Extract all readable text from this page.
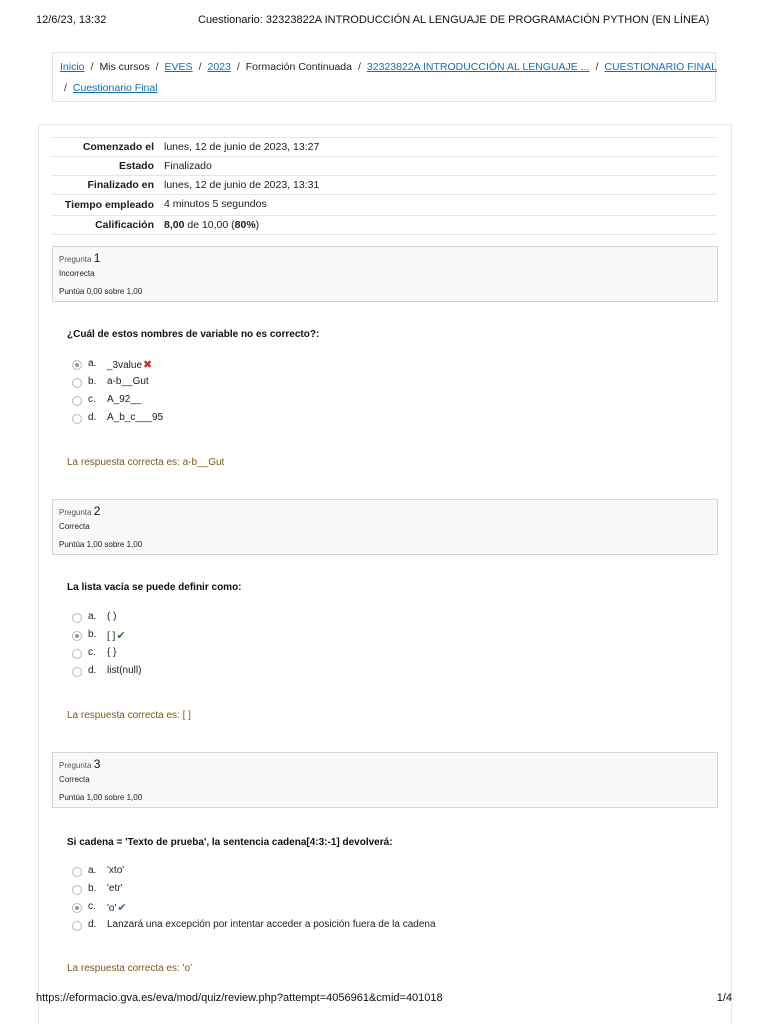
12/6/23, 13:32	Cuestionario: 32323822A INTRODUCCIÓN AL LENGUAJE DE PROGRAMACIÓN PYTHON (EN LÍNEA)
Inicio / Mis cursos / EVES / 2023 / Formación Continuada / 32323822A INTRODUCCIÓN AL LENGUAJE ... / CUESTIONARIO FINAL
/ Cuestionario Final
Comenzado el	lunes, 12 de junio de 2023, 13:27
Estado	Finalizado
Finalizado en	lunes, 12 de junio de 2023, 13:31
Tiempo empleado	4 minutos 5 segundos
Calificación	8,00 de 10,00 (80%)
Pregunta 1
Incorrecta
Puntúa 0,00 sobre 1,00
¿Cuál de estos nombres de variable no es correcto?:
a.	_3value✖
b.	a-b__Gut
c.	A_92__
d.	A_b_c___95
La respuesta correcta es: a-b__Gut
Pregunta 2
Correcta
Puntúa 1,00 sobre 1,00
La lista vacía se puede definir como:
a.	( )
b.	[ ]✔
c.	{ }
d.	list(null)
La respuesta correcta es: [ ]
Pregunta 3
Correcta
Puntúa 1,00 sobre 1,00
Si cadena = 'Texto de prueba', la sentencia cadena[4:3:-1] devolverá:
a.	'xto'
b.	'etr'
c.	'o'✔
d.	Lanzará una excepción por intentar acceder a posición fuera de la cadena
La respuesta correcta es: 'o'
https://eformacio.gva.es/eva/mod/quiz/review.php?attempt=4056961&cmid=401018	1/4
